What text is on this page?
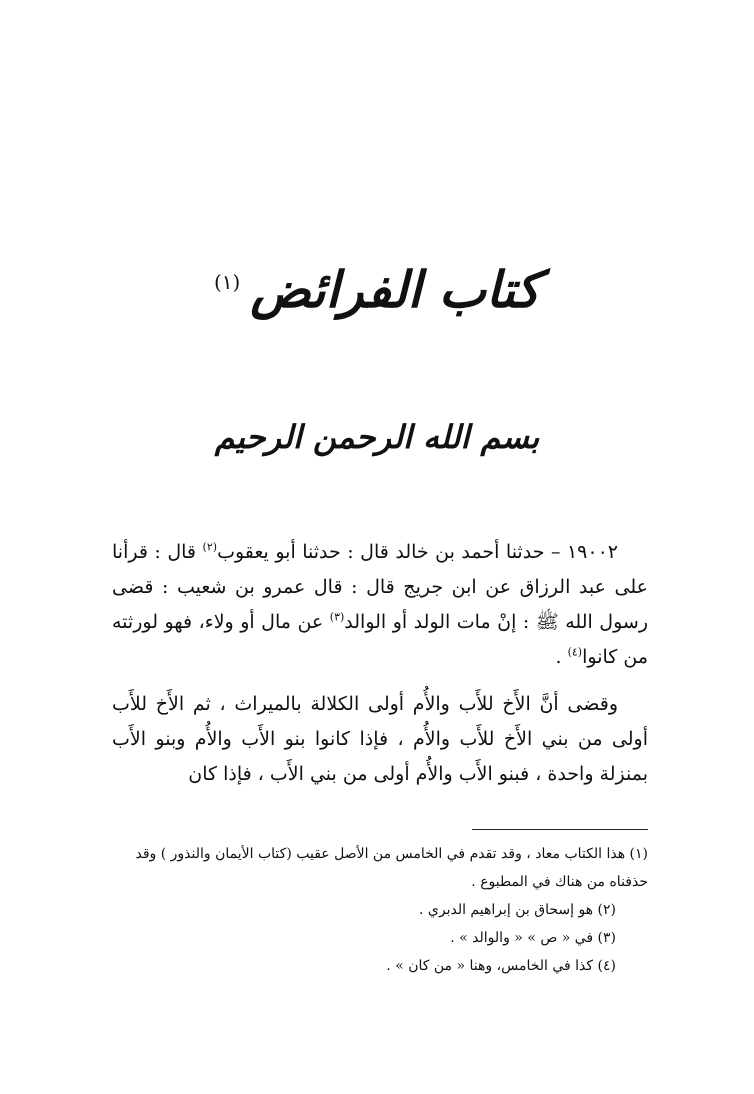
كتاب الفرائض$^{(١)}$
بسم الله الرحمن الرحيم

١٩٠٠٢ – حدثنا أحمد بن خالد قال : حدثنا أبو يعقوب$^{(٢)}$ قال : قرأنا على عبد الرزاق عن ابن جريج قال : قال عمرو بن شعيب : قضى رسول الله ﷺ : إنْ مات الولد أو الوالد$^{(٣)}$ عن مال أو ولاء، فهو لورثته من كانوا$^{(٤)}$ .

وقضى أنَّ الأَخ للأَب والأُم أولى الكلالة بالميراث ، ثم الأَخ للأَب أولى من بني الأَخ للأَب والأُم ، فإذا كانوا بنو الأَب والأُم وبنو الأَب بمنزلة واحدة ، فبنو الأَب والأُم أولى من بني الأَب ، فإذا كان

(١) هذا الكتاب معاد ، وقد تقدم في الخامس من الأصل عقيب (كتاب الأيمان والنذور ) وقد حذفناه من هناك في المطبوع .

(٢) هو إسحاق بن إبراهيم الدبري .

(٣) في « ص » « والوالد » .

(٤) كذا في الخامس، وهنا « من كان » .
